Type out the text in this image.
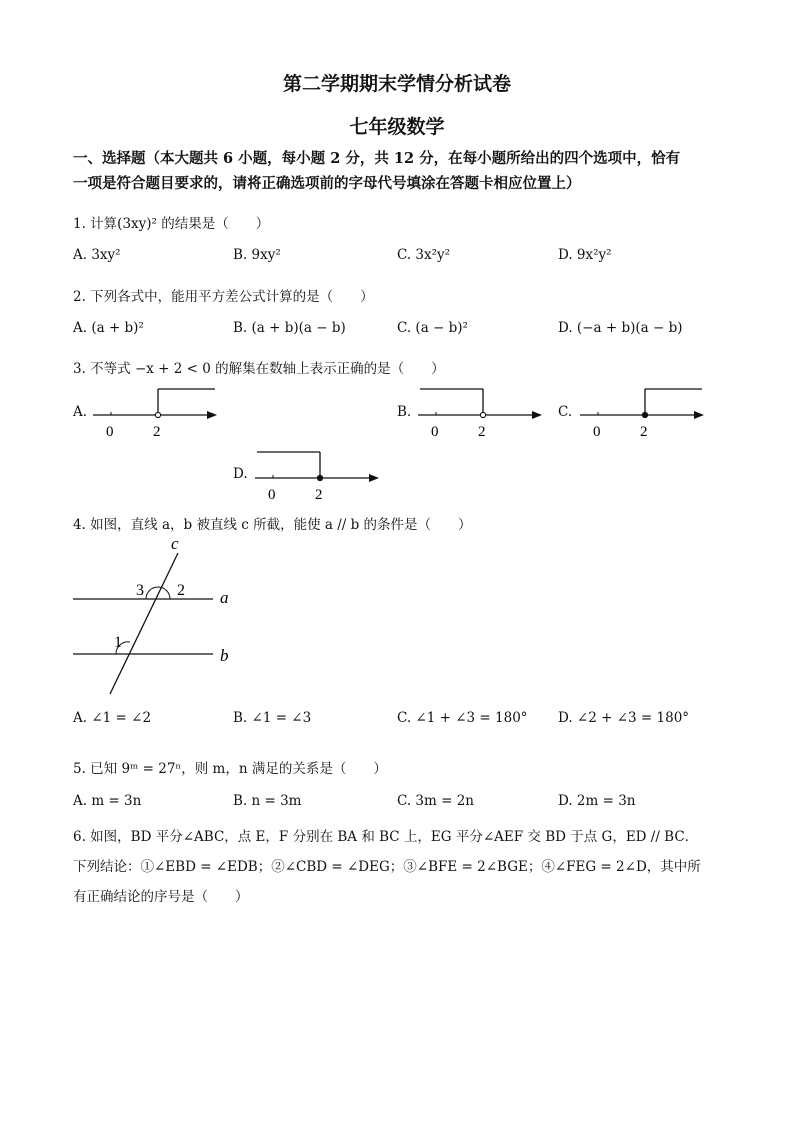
第二学期期末学情分析试卷
七年级数学
一、选择题（本大题共 6 小题，每小题 2 分，共 12 分，在每小题所给出的四个选项中，恰有
一项是符合题目要求的，请将正确选项前的字母代号填涂在答题卡相应位置上）
1. 计算(3xy)² 的结果是（　　）
A. 3xy²	B. 9xy²	C. 3x²y²	D. 9x²y²
2. 下列各式中，能用平方差公式计算的是（　　）
A. (a + b)²	B. (a + b)(a − b)	C. (a − b)²	D. (−a + b)(a − b)
3. 不等式 −x + 2 < 0 的解集在数轴上表示正确的是（　　）
A.
0	2
B.
0	2
C.
0	2
D.
0	2
4. 如图，直线 a，b 被直线 c 所截，能使 a // b 的条件是（　　）
c
a
b
3 2
1
A. ∠1 = ∠2	B. ∠1 = ∠3	C. ∠1 + ∠3 = 180° D. ∠2 + ∠3 = 180°
5. 已知 9ᵐ = 27ⁿ，则 m，n 满足的关系是（　　）
A. m = 3n	B. n = 3m	C. 3m = 2n	D. 2m = 3n
6. 如图，BD 平分∠ABC，点 E，F 分别在 BA 和 BC 上，EG 平分∠AEF 交 BD 于点 G，ED // BC．
下列结论：①∠EBD = ∠EDB；②∠CBD = ∠DEG；③∠BFE = 2∠BGE；④∠FEG = 2∠D，其中所
有正确结论的序号是（　　）
